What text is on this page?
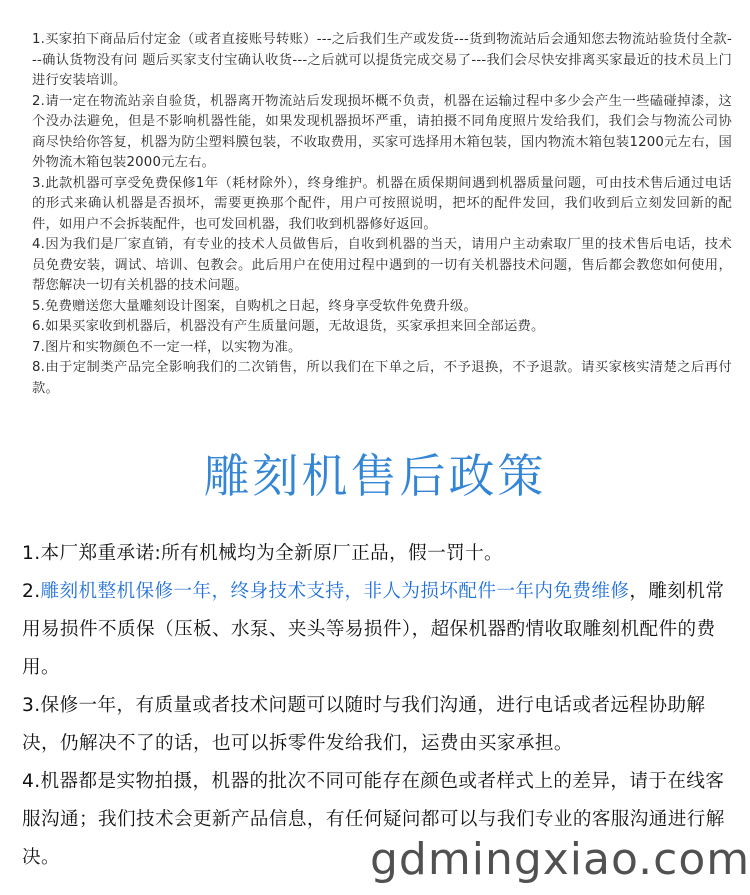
1.买家拍下商品后付定金（或者直接账号转账）---之后我们生产或发货---货到物流站后会通知您去物流站验货付全款---确认货物没有问 题后买家支付宝确认收货---之后就可以提货完成交易了---我们会尽快安排离买家最近的技术员上门进行安装培训。

2.请一定在物流站亲自验货，机器离开物流站后发现损坏概不负责，机器在运输过程中多少会产生一些磕碰掉漆，这个没办法避免，但是不影响机器性能，如果发现机器损坏严重，请拍摄不同角度照片发给我们，我们会与物流公司协商尽快给你答复，机器为防尘塑料膜包装，不收取费用，买家可选择用木箱包装，国内物流木箱包装1200元左右，国外物流木箱包装2000元左右。

3.此款机器可享受免费保修1年（耗材除外），终身维护。机器在质保期间遇到机器质量问题，可由技术售后通过电话的形式来确认机器是否损坏，需要更换那个配件，用户可按照说明，把坏的配件发回，我们收到后立刻发回新的配件，如用户不会拆装配件，也可发回机器，我们收到机器修好返回。

4.因为我们是厂家直销，有专业的技术人员做售后，自收到机器的当天，请用户主动索取厂里的技术售后电话，技术员免费安装，调试、培训、包教会。此后用户在使用过程中遇到的一切有关机器技术问题，售后都会教您如何使用，帮您解决一切有关机器的技术问题。

5.免费赠送您大量雕刻设计图案，自购机之日起，终身享受软件免费升级。

6.如果买家收到机器后，机器没有产生质量问题，无故退货，买家承担来回全部运费。

7.图片和实物颜色不一定一样，以实物为准。

8.由于定制类产品完全影响我们的二次销售，所以我们在下单之后，不予退换，不予退款。请买家核实清楚之后再付款。

雕刻机售后政策

1.本厂郑重承诺:所有机械均为全新原厂正品，假一罚十。

2.雕刻机整机保修一年，终身技术支持，非人为损坏配件一年内免费维修，雕刻机常用易损件不质保（压板、水泵、夹头等易损件），超保机器酌情收取雕刻机配件的费用。

3.保修一年，有质量或者技术问题可以随时与我们沟通，进行电话或者远程协助解决，仍解决不了的话，也可以拆零件发给我们，运费由买家承担。

4.机器都是实物拍摄，机器的批次不同可能存在颜色或者样式上的差异，请于在线客服沟通；我们技术会更新产品信息，有任何疑问都可以与我们专业的客服沟通进行解决。	gdmingxiao.com
